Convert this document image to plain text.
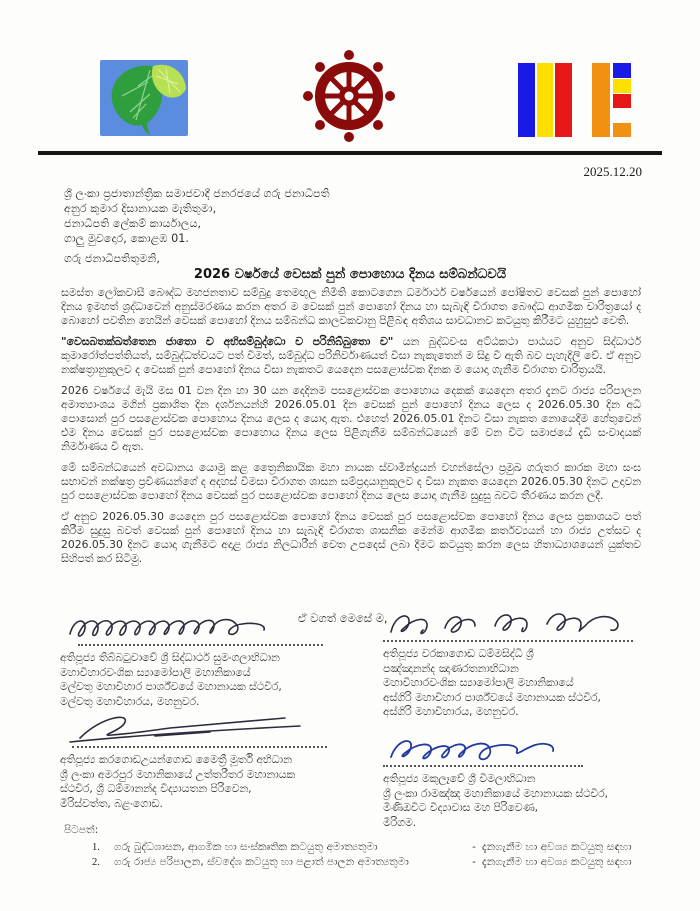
2025.12.20
ශ්‍රී ලංකා ප්‍රජාතාන්ත්‍රික සමාජවාදී ජනරජයේ ගරු ජනාධිපති
අනුර කුමාර දිසානායක මැතිතුමා,
ජනාධිපති ලේකම් කාර්යාලය,
ගාලු මුවදොර, කොළඹ 01.
ගරු ජනාධිපතිතුමනි,
2026 වර්ෂයේ වෙසක් පුන් පොහොය දිනය සම්බන්ධවයි

සමස්ත ලෝකවාසී බෞද්ධ මහජනතාව සම්බුදු තෙමඟුල නිමිති කොටගෙන ධර්මාර්ථ වර්ෂයෙන් පෝෂිතව වෙසක් පුන් පොහෝ දිනය ඉමහත් ශ්‍රද්ධාවෙන් අනුස්මරණය කරන අතර ම වෙසක් පුන් පොහෝ දිනය හා සැබැඳි චිරාගත බෞද්ධ ආගමික චාරිත්‍රයෝ ද බොහෝ පවතින හෙයින් වෙසක් පොහෝ දිනය සම්බන්ධ කාලවකවානු පිළිබඳ අතිශය සාවධානව කටයුතු කිරීමට යුහුසුළු වෙති.

"වෙසබතක්ඛත්තෙන ජාතො ච අභිසම්බුද්ධො ච පරිනිබ්බුතො ච" යන බුද්ධවංස අට්ඨකථා පාඨයට අනුව සිද්ධාර්ථ කුමාරෝත්පත්තියත්, සම්බුද්ධත්වයට පත් වීමත්, සම්බුද්ධ පරිනිර්වාණයත් විසා නැකැතෙන් ම සිදු වී ඇති බව පැහැදිලි වේ. ඒ අනුව නක්ෂත්‍රානුකූලව ද වෙසක් පුන් පොහෝ දිනය විසා නැකතට යෙදෙන පසළොස්වක දිනක ම යොදා ගැනීම චිරාගත චාරිත්‍රයයි.

2026 වර්ෂයේ මැයි මස 01 වන දින හා 30 යන දෙදිනම පසළොස්වක පොහොය දෙකක් යෙදෙන අතර දැනට රාජ්‍ය පරිපාලන අමාත්‍යාංශය මගින් ප්‍රකාශිත දින දර්ශනයන්හි 2026.05.01 දින වෙසක් පුන් පොහෝ දිනය ලෙස ද 2026.05.30 දින අධි පොසොන් පුර පසළොස්වක පොහොය දිනය ලෙස ද යොදා ඇත. එහෙත් 2026.05.01 දිනට විසා නැකත නොයෙදීම හේතුවෙන් එම දිනය වෙසක් පුර පසළොස්වක පොහොය දිනය ලෙස පිළිගැනීම සම්බන්ධයෙන් මේ වන විට සමාජයේ දැඩි සංවාදයක් නිර්මාණය වී ඇත.

මේ සම්බන්ධයෙන් අවධානය යොමු කළ ත්‍රෛනිකායික මහා නායක ස්වාමීන්ද්‍රයන් වහන්සේලා ප්‍රමුඛ ගරුතර කාරක මහා සංඝ සභාවන් නක්ෂත්‍ර ප්‍රවීණයන්ගේ ද අදහස් විමසා චිරාගත ශාසන සම්ප්‍රදායානුකූලව ද විසා නැකත යෙදෙන 2026.05.30 දිනට උදාවන පුර පසළොස්වක පොහෝ දිනය වෙසක් පුර පසළොස්වක පොහෝ දිනය ලෙස යොදා ගැනීම සුදුසු බවට තීරණය කරන ලදී.

ඒ අනුව 2026.05.30 යෙදෙන පුර පසළොස්වක පොහෝ දිනය වෙසක් පුර පසළොස්වක පොහෝ දිනය ලෙස ප්‍රකාශයට පත් කිරීම සුදුසු බවත් වෙසක් පුන් පොහෝ දිනය හා සැබැඳි චිරාගත ශාසනික මෙන්ම ආගමික කර්තව්‍යයන් හා රාජ්‍ය උත්සව ද 2026.05.30 දිනට යොදා ගැනීමට අදාළ රාජ්‍ය නිලධාරීන් වෙත උපදෙස් ලබා දීමට කටයුතු කරන ලෙස හිතාධ්‍යාශයෙන් යුක්තව සිහිපත් කර සිටිමු.

ඒ වගත් මෙසේ ම,
අතිපූජ්‍ය තිබ්බටුවාවේ ශ්‍රී සිද්ධාර්ථ සුමංගලාභිධාන
මහාවිහාරවංශික ස්‍යාමෝපාලි මහානිකායේ
මල්වතු මහාවිහාර පාර්ශ්වයේ මහානායක ස්ථවිර,
මල්වතු මහාවිහාරය, මහනුවර.
අතිපූජ්‍ය වරකාගොඩ ධම්මසිද්ධි ශ්‍රී
පඤ්ඤානන්ද ඤාණරතනාභිධාන
මහාවිහාරවංශික ස්‍යාමෝපාලි මහානිකායේ
අස්ගිරි මහාවිහාර පාර්ශ්වයේ මහානායක ස්ථවිර,
අස්ගිරි මහාවිහාරය, මහනුවර.
අතිපූජ්‍ය කරගොඩඋයන්ගොඩ මෛත්‍රී මූර්ති අභිධාන
ශ්‍රී ලංකා අමරපුර මහානිකායේ උත්තරීතර මහානායක
ස්ථවිර, ශ්‍රී ධම්මානන්ද විද්‍යායතන පිරිවෙන,
මිරිස්වත්ත, බළංගොඩ.
අතිපූජ්‍ය මකුලෑවේ ශ්‍රී විමලාභිධාන
ශ්‍රී ලංකා රාමඤ්ඤ මහානිකායේ මහානායක ස්ථවිර,
මිණිඔවිට විද්‍යාවාස මහ පිරිවෙණ,
මීරිගම.
පිටපත්:
1.	ගරු බුද්ධශාසන, ආගමික හා සංස්කෘතික කටයුතු අමාත්‍යතුමා	- දැනගැනීම හා අවශ්‍ය කටයුතු සඳහා
2.	ගරු රාජ්‍ය පරිපාලන, ස්වදේශ කටයුතු හා පළාත් පාලන අමාත්‍යතුමා	- දැනගැනීම හා අවශ්‍ය කටයුතු සඳහා
